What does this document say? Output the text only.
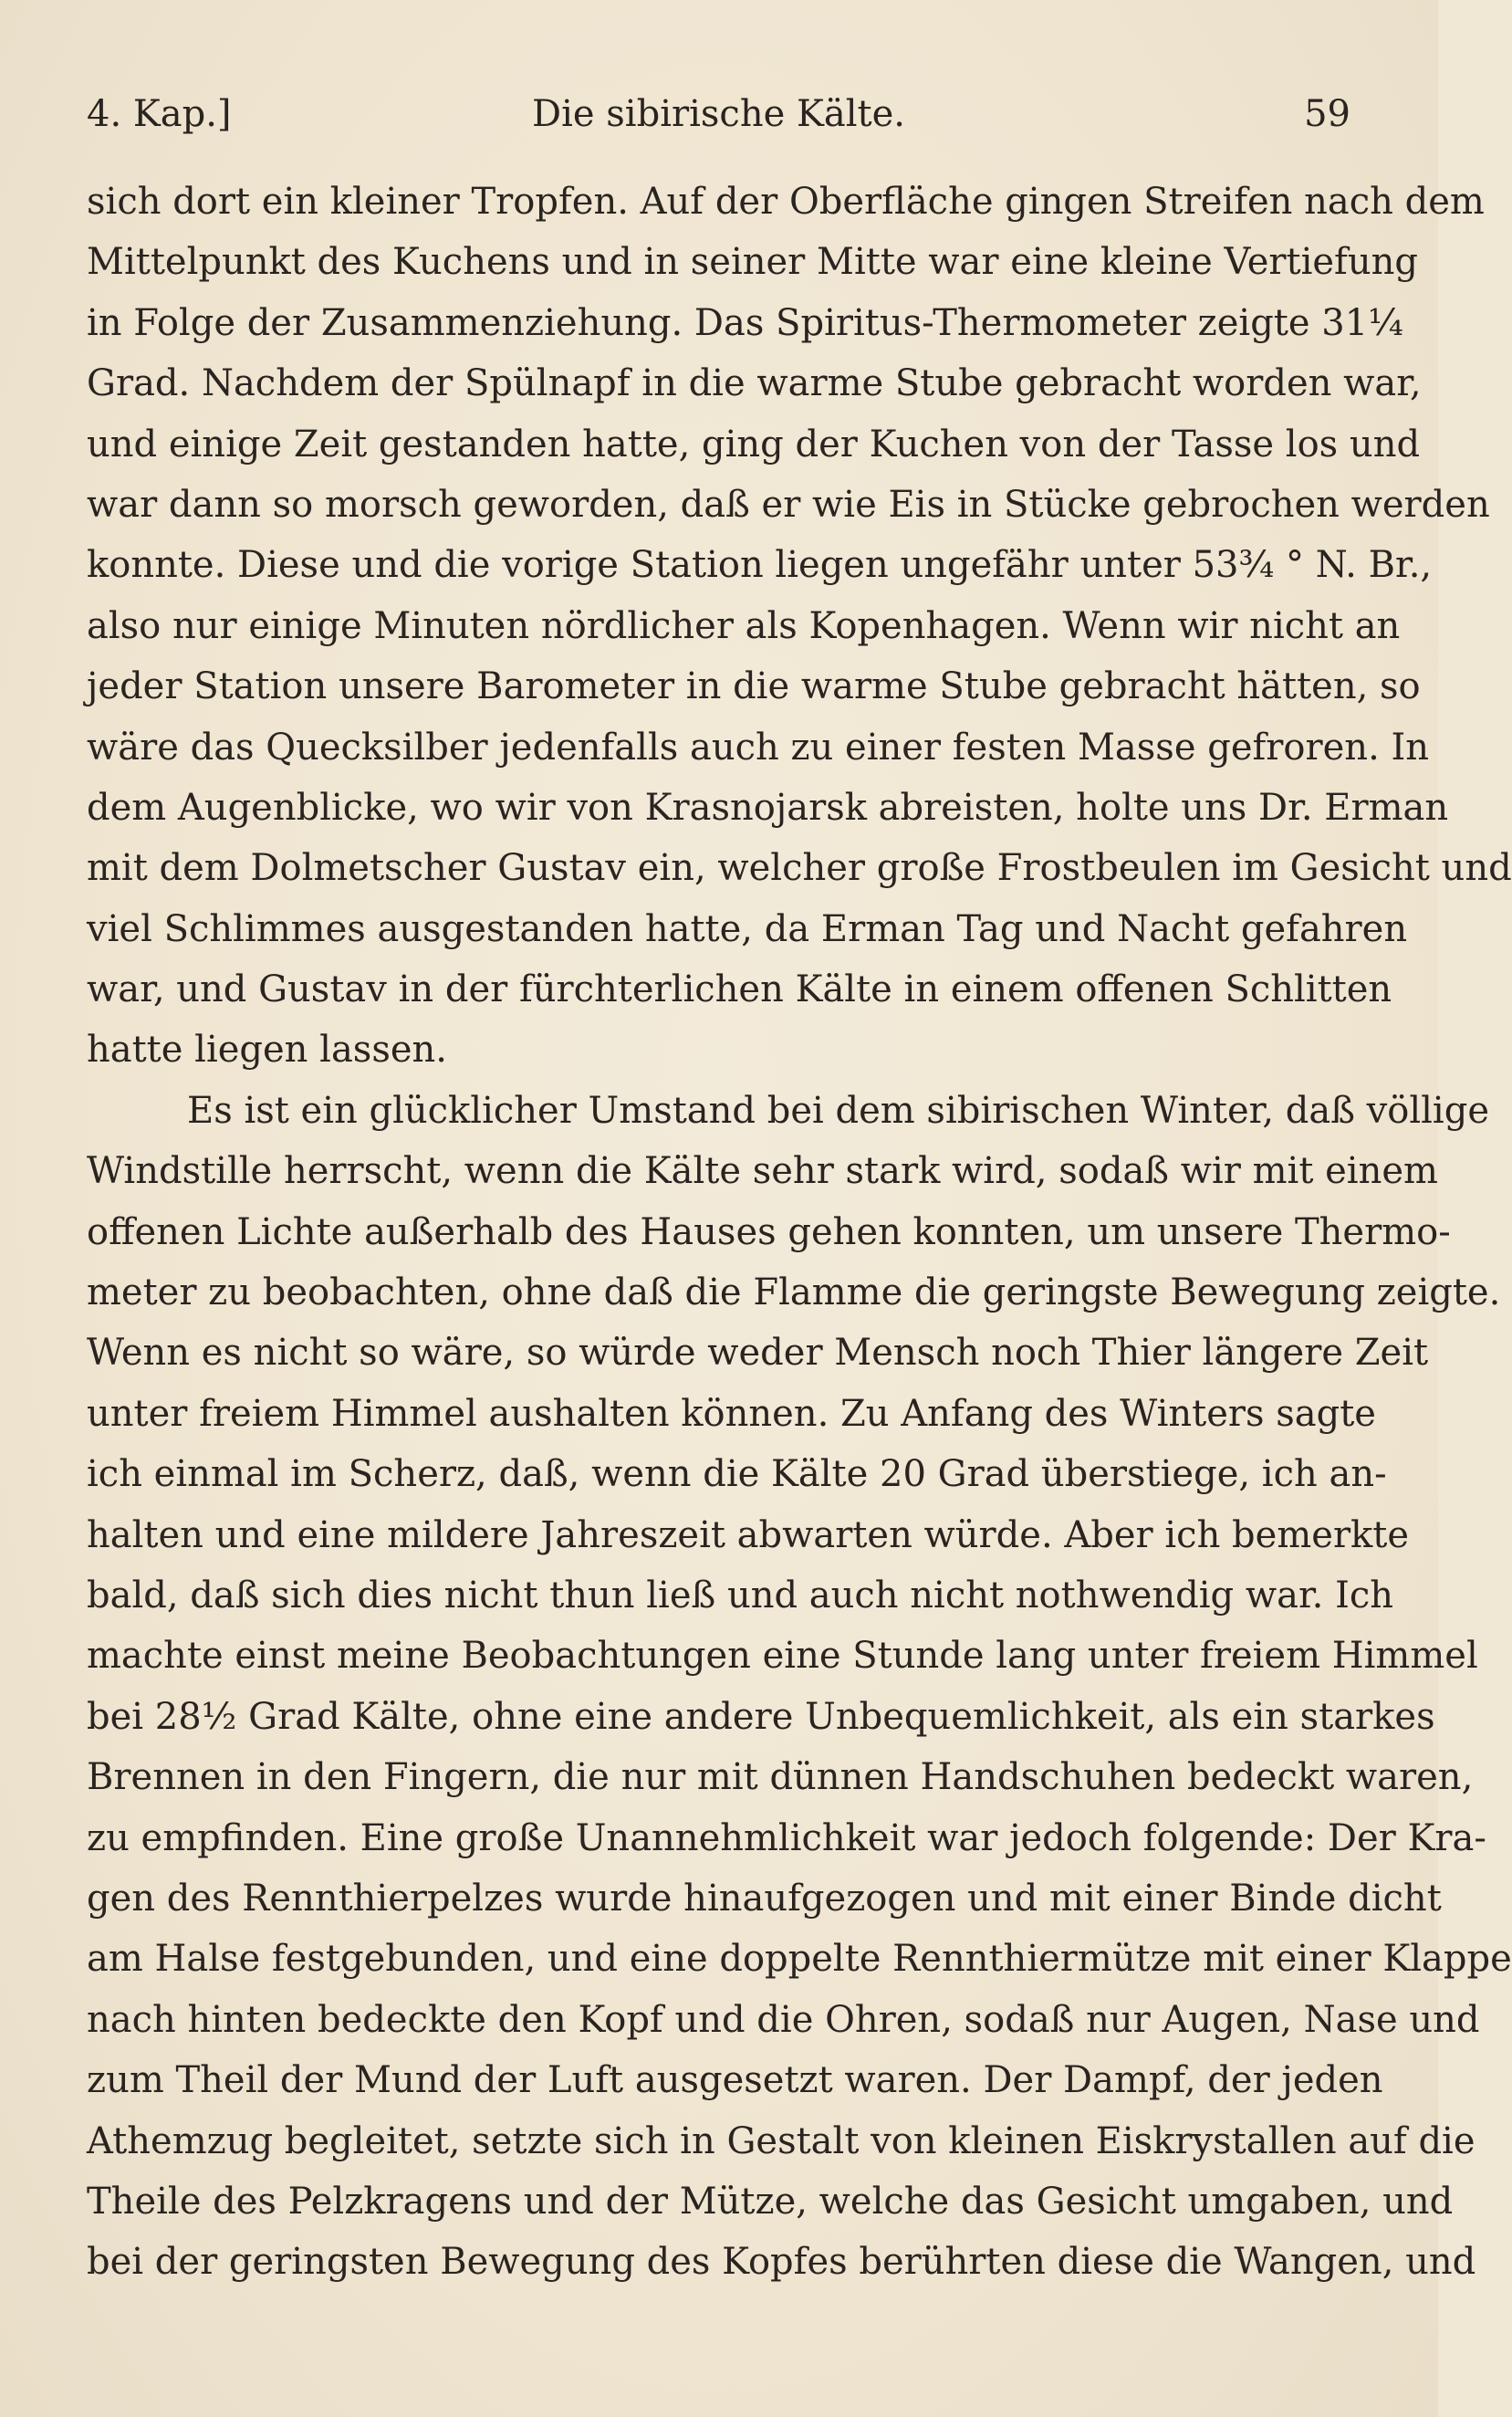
4. Kap.]	Die sibirische Kälte.	59
sich dort ein kleiner Tropfen. Auf der Oberfläche gingen Streifen nach dem
Mittelpunkt des Kuchens und in seiner Mitte war eine kleine Vertiefung
in Folge der Zusammenziehung. Das Spiritus-Thermometer zeigte 31¼
Grad. Nachdem der Spülnapf in die warme Stube gebracht worden war,
und einige Zeit gestanden hatte, ging der Kuchen von der Tasse los und
war dann so morsch geworden, daß er wie Eis in Stücke gebrochen werden
konnte. Diese und die vorige Station liegen ungefähr unter 53¾ ° N. Br.,
also nur einige Minuten nördlicher als Kopenhagen. Wenn wir nicht an
jeder Station unsere Barometer in die warme Stube gebracht hätten, so
wäre das Quecksilber jedenfalls auch zu einer festen Masse gefroren. In
dem Augenblicke, wo wir von Krasnojarsk abreisten, holte uns Dr. Erman
mit dem Dolmetscher Gustav ein, welcher große Frostbeulen im Gesicht und
viel Schlimmes ausgestanden hatte, da Erman Tag und Nacht gefahren
war, und Gustav in der fürchterlichen Kälte in einem offenen Schlitten
hatte liegen lassen.
Es ist ein glücklicher Umstand bei dem sibirischen Winter, daß völlige
Windstille herrscht, wenn die Kälte sehr stark wird, sodaß wir mit einem
offenen Lichte außerhalb des Hauses gehen konnten, um unsere Thermo-
meter zu beobachten, ohne daß die Flamme die geringste Bewegung zeigte.
Wenn es nicht so wäre, so würde weder Mensch noch Thier längere Zeit
unter freiem Himmel aushalten können. Zu Anfang des Winters sagte
ich einmal im Scherz, daß, wenn die Kälte 20 Grad überstiege, ich an-
halten und eine mildere Jahreszeit abwarten würde. Aber ich bemerkte
bald, daß sich dies nicht thun ließ und auch nicht nothwendig war. Ich
machte einst meine Beobachtungen eine Stunde lang unter freiem Himmel
bei 28½ Grad Kälte, ohne eine andere Unbequemlichkeit, als ein starkes
Brennen in den Fingern, die nur mit dünnen Handschuhen bedeckt waren,
zu empfinden. Eine große Unannehmlichkeit war jedoch folgende: Der Kra-
gen des Rennthierpelzes wurde hinaufgezogen und mit einer Binde dicht
am Halse festgebunden, und eine doppelte Rennthiermütze mit einer Klappe
nach hinten bedeckte den Kopf und die Ohren, sodaß nur Augen, Nase und
zum Theil der Mund der Luft ausgesetzt waren. Der Dampf, der jeden
Athemzug begleitet, setzte sich in Gestalt von kleinen Eiskrystallen auf die
Theile des Pelzkragens und der Mütze, welche das Gesicht umgaben, und
bei der geringsten Bewegung des Kopfes berührten diese die Wangen, und
